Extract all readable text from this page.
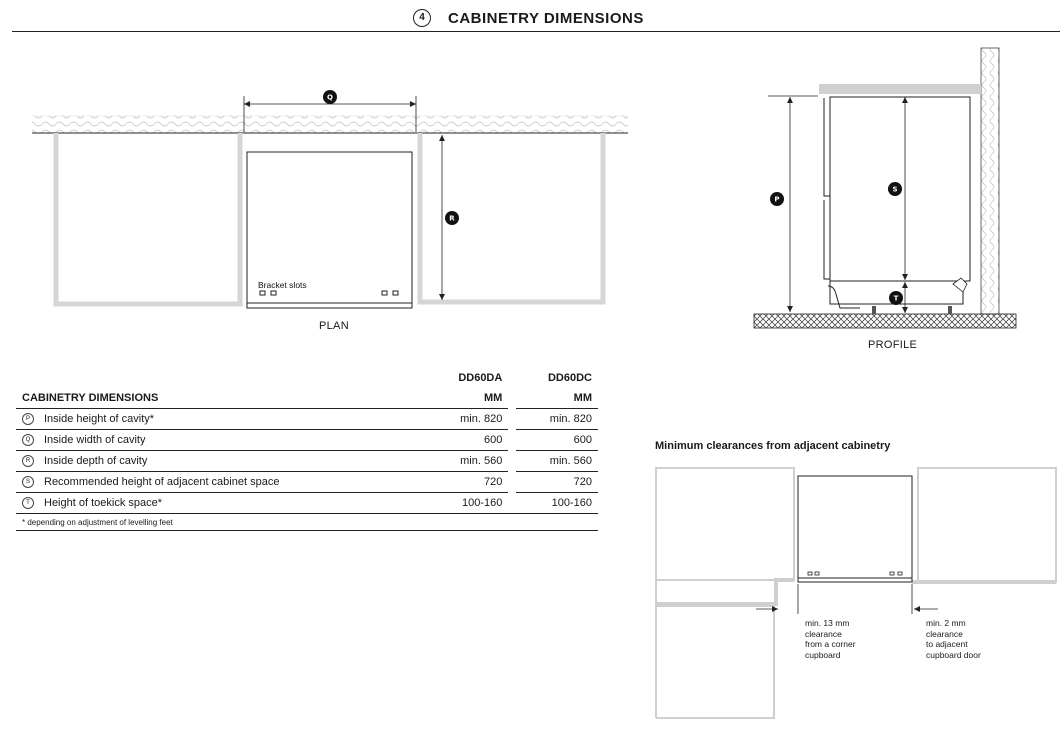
4	CABINETRY DIMENSIONS
Bracket slots
Q
R
PLAN
P
S
T
PROFILE
	DD60DA		DD60DC
CABINETRY DIMENSIONS	MM		MM
P Inside height of cavity*	min. 820		min. 820
Q Inside width of cavity	600		600
R Inside depth of cavity	min. 560		min. 560
S Recommended height of adjacent cabinet space	720		720
T Height of toekick space*	100-160		100-160
* depending on adjustment of levelling feet			

Minimum clearances from adjacent cabinetry
min. 13 mm
clearance
from a corner
cupboard
min. 2 mm
clearance
to adjacent
cupboard door
